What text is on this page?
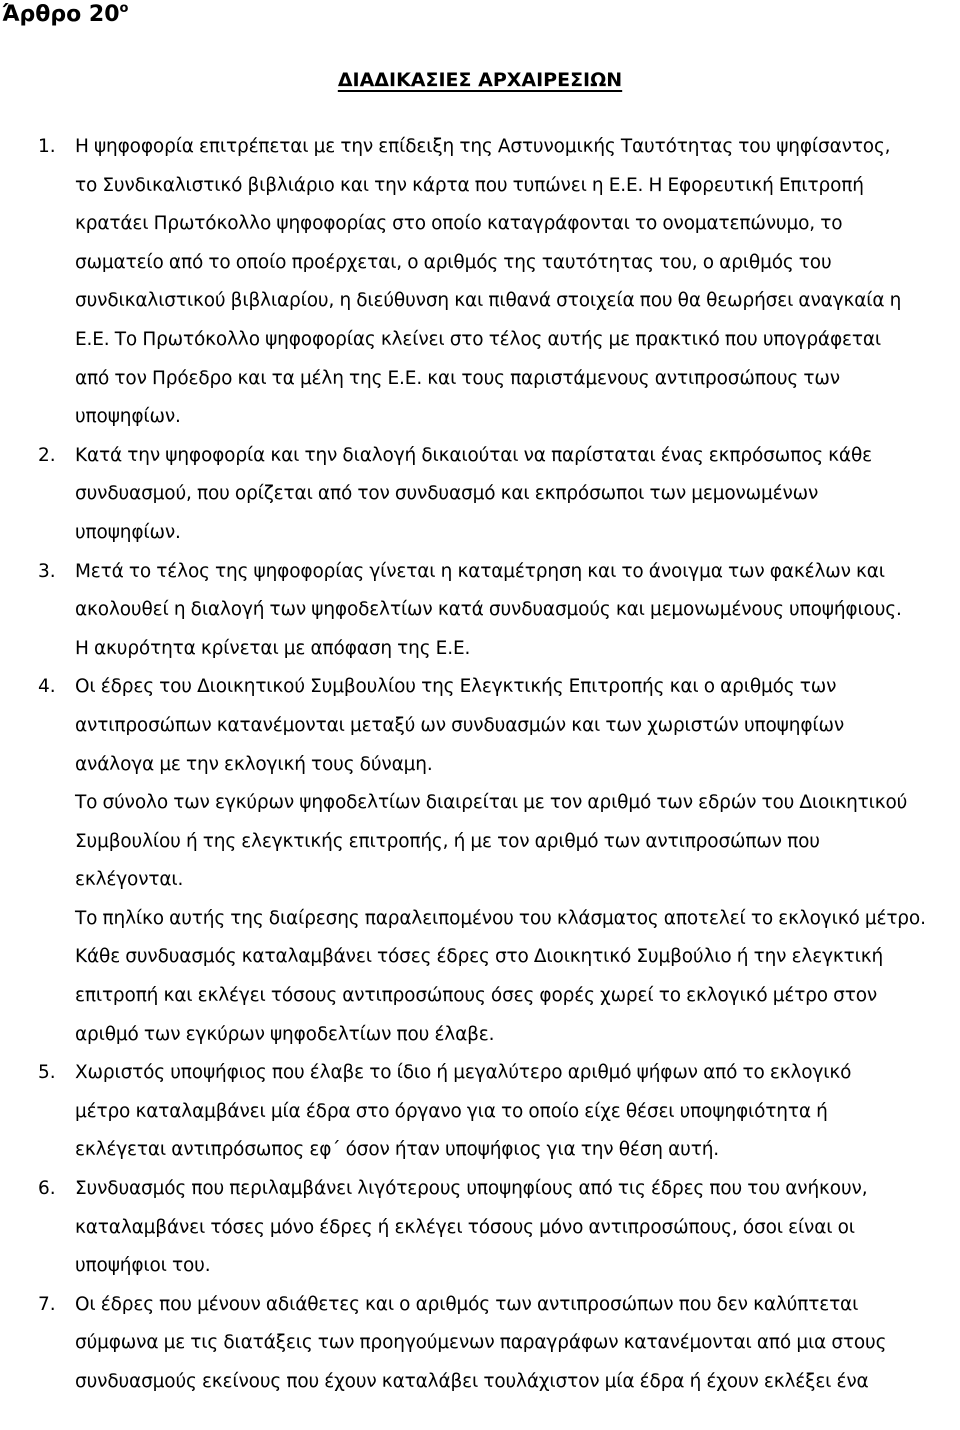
Άρθρο $20^o$
ΔΙΑΔΙΚΑΣΙΕΣ ΑΡΧΑΙΡΕΣΙΩΝ
1. Η ψηφοφορία επιτρέπεται με την επίδειξη της Αστυνομικής Ταυτότητας του ψηφίσαντος,
το Συνδικαλιστικό βιβλιάριο και την κάρτα που τυπώνει η Ε.Ε. Η Εφορευτική Επιτροπή
κρατάει Πρωτόκολλο ψηφοφορίας στο οποίο καταγράφονται το ονοματεπώνυμο, το
σωματείο από το οποίο προέρχεται, ο αριθμός της ταυτότητας του, ο αριθμός του
συνδικαλιστικού βιβλιαρίου, η διεύθυνση και πιθανά στοιχεία που θα θεωρήσει αναγκαία η
Ε.Ε. Το Πρωτόκολλο ψηφοφορίας κλείνει στο τέλος αυτής με πρακτικό που υπογράφεται
από τον Πρόεδρο και τα μέλη της Ε.Ε. και τους παριστάμενους αντιπροσώπους των
υποψηφίων.

2. Κατά την ψηφοφορία και την διαλογή δικαιούται να παρίσταται ένας εκπρόσωπος κάθε
συνδυασμού, που ορίζεται από τον συνδυασμό και εκπρόσωποι των μεμονωμένων
υποψηφίων.

3. Μετά το τέλος της ψηφοφορίας γίνεται η καταμέτρηση και το άνοιγμα των φακέλων και
ακολουθεί η διαλογή των ψηφοδελτίων κατά συνδυασμούς και μεμονωμένους υποψήφιους.
Η ακυρότητα κρίνεται με απόφαση της Ε.Ε.

4. Οι έδρες του Διοικητικού Συμβουλίου της Ελεγκτικής Επιτροπής και ο αριθμός των
αντιπροσώπων κατανέμονται μεταξύ ων συνδυασμών και των χωριστών υποψηφίων
ανάλογα με την εκλογική τους δύναμη.

Το σύνολο των εγκύρων ψηφοδελτίων διαιρείται με τον αριθμό των εδρών του Διοικητικού
Συμβουλίου ή της ελεγκτικής επιτροπής, ή με τον αριθμό των αντιπροσώπων που
εκλέγονται.

Το πηλίκο αυτής της διαίρεσης παραλειπομένου του κλάσματος αποτελεί το εκλογικό μέτρο.

Κάθε συνδυασμός καταλαμβάνει τόσες έδρες στο Διοικητικό Συμβούλιο ή την ελεγκτική
επιτροπή και εκλέγει τόσους αντιπροσώπους όσες φορές χωρεί το εκλογικό μέτρο στον
αριθμό των εγκύρων ψηφοδελτίων που έλαβε.

5. Χωριστός υποψήφιος που έλαβε το ίδιο ή μεγαλύτερο αριθμό ψήφων από το εκλογικό
μέτρο καταλαμβάνει μία έδρα στο όργανο για το οποίο είχε θέσει υποψηφιότητα ή
εκλέγεται αντιπρόσωπος εφ΄ όσον ήταν υποψήφιος για την θέση αυτή.

6. Συνδυασμός που περιλαμβάνει λιγότερους υποψηφίους από τις έδρες που του ανήκουν,
καταλαμβάνει τόσες μόνο έδρες ή εκλέγει τόσους μόνο αντιπροσώπους, όσοι είναι οι
υποψήφιοι του.

7. Οι έδρες που μένουν αδιάθετες και ο αριθμός των αντιπροσώπων που δεν καλύπτεται
σύμφωνα με τις διατάξεις των προηγούμενων παραγράφων κατανέμονται από μια στους
συνδυασμούς εκείνους που έχουν καταλάβει τουλάχιστον μία έδρα ή έχουν εκλέξει ένα
